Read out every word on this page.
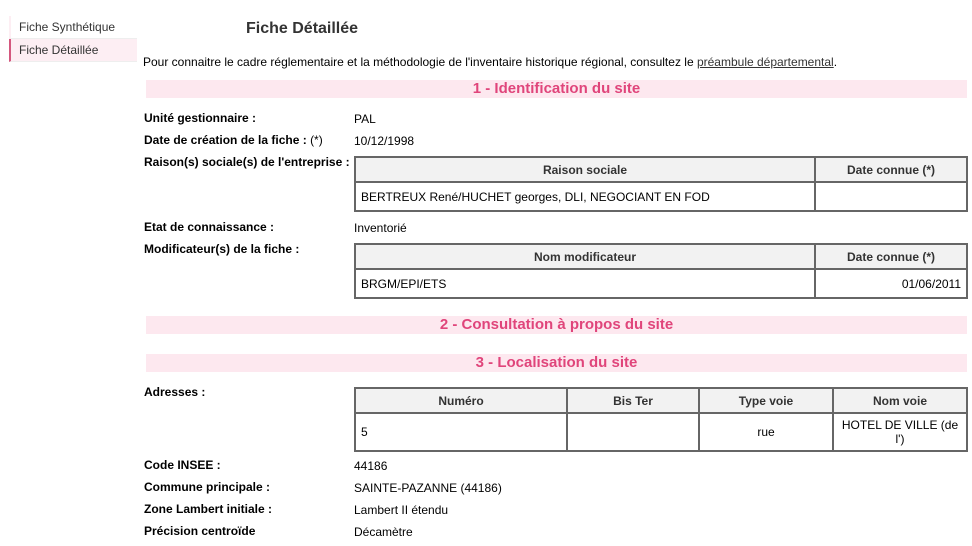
Fiche Synthétique
Fiche Détaillée
Fiche Détaillée
Pour connaitre le cadre réglementaire et la méthodologie de l'inventaire historique régional, consultez le préambule départemental.
1 - Identification du site
Unité gestionnaire :	PAL
Date de création de la fiche : (*)	10/12/1998
Raison(s) sociale(s) de l'entreprise :
Raison sociale	Date connue (*)
BERTREUX René/HUCHET georges, DLI, NEGOCIANT EN FOD	
Etat de connaissance :	Inventorié
Modificateur(s) de la fiche :
Nom modificateur	Date connue (*)
BRGM/EPI/ETS	01/06/2011
2 - Consultation à propos du site
3 - Localisation du site
Adresses :
Numéro	Bis Ter	Type voie	Nom voie
5		rue	HOTEL DE VILLE (de l')
Code INSEE :	44186
Commune principale :	SAINTE-PAZANNE (44186)
Zone Lambert initiale :	Lambert II étendu
Précision centroïde	Décamètre
